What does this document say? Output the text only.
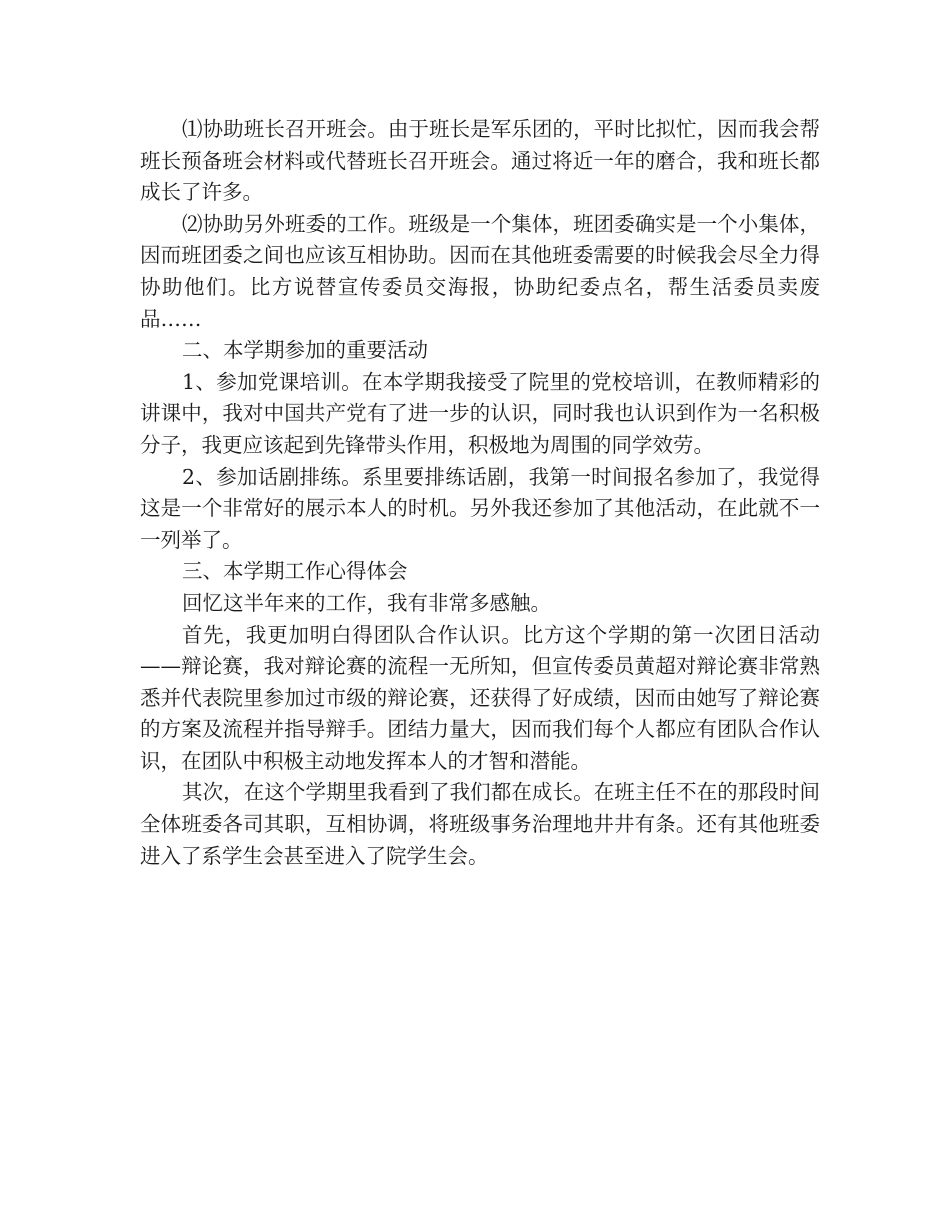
⑴协助班长召开班会。由于班长是军乐团的，平时比拟忙，因而我会帮班长预备班会材料或代替班长召开班会。通过将近一年的磨合，我和班长都成长了许多。

⑵协助另外班委的工作。班级是一个集体，班团委确实是一个小集体，因而班团委之间也应该互相协助。因而在其他班委需要的时候我会尽全力得协助他们。比方说替宣传委员交海报，协助纪委点名，帮生活委员卖废品……

二、本学期参加的重要活动

1、参加党课培训。在本学期我接受了院里的党校培训，在教师精彩的讲课中，我对中国共产党有了进一步的认识，同时我也认识到作为一名积极分子，我更应该起到先锋带头作用，积极地为周围的同学效劳。

2、参加话剧排练。系里要排练话剧，我第一时间报名参加了，我觉得这是一个非常好的展示本人的时机。另外我还参加了其他活动，在此就不一一列举了。

三、本学期工作心得体会

回忆这半年来的工作，我有非常多感触。

首先，我更加明白得团队合作认识。比方这个学期的第一次团日活动——辩论赛，我对辩论赛的流程一无所知，但宣传委员黄超对辩论赛非常熟悉并代表院里参加过市级的辩论赛，还获得了好成绩，因而由她写了辩论赛的方案及流程并指导辩手。团结力量大，因而我们每个人都应有团队合作认识，在团队中积极主动地发挥本人的才智和潜能。

其次，在这个学期里我看到了我们都在成长。在班主任不在的那段时间全体班委各司其职，互相协调，将班级事务治理地井井有条。还有其他班委进入了系学生会甚至进入了院学生会。
